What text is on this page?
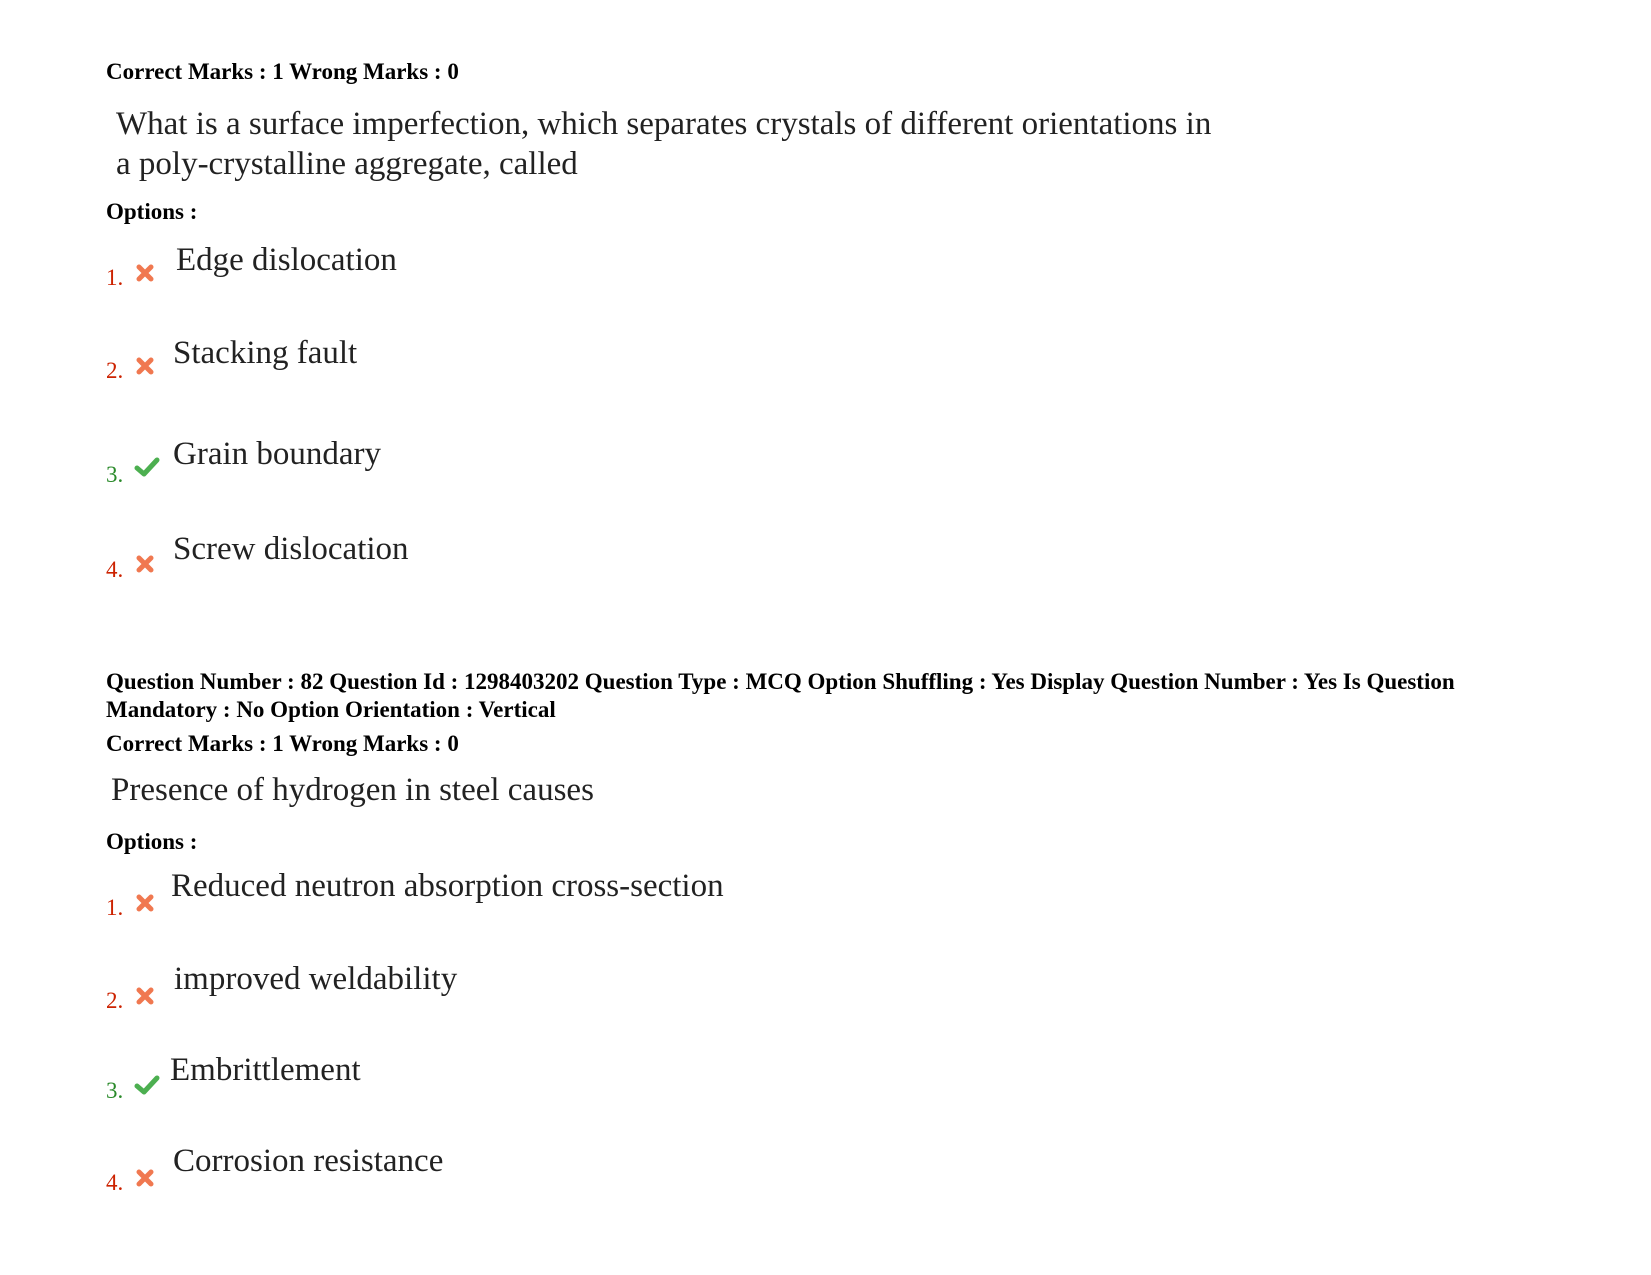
Correct Marks : 1 Wrong Marks : 0
What is a surface imperfection, which separates crystals of different orientations in
a poly-crystalline aggregate, called
Options :
1. Edge dislocation
2. Stacking fault
3.
Grain boundary
4.
Screw dislocation
Question Number : 82 Question Id : 1298403202 Question Type : MCQ Option Shuffling : Yes Display Question Number : Yes Is Question Mandatory : No Option Orientation : Vertical
Correct Marks : 1 Wrong Marks : 0
Presence of hydrogen in steel causes
Options :
1.
Reduced neutron absorption cross-section
2.
improved weldability
3.
Embrittlement
4.
Corrosion resistance
